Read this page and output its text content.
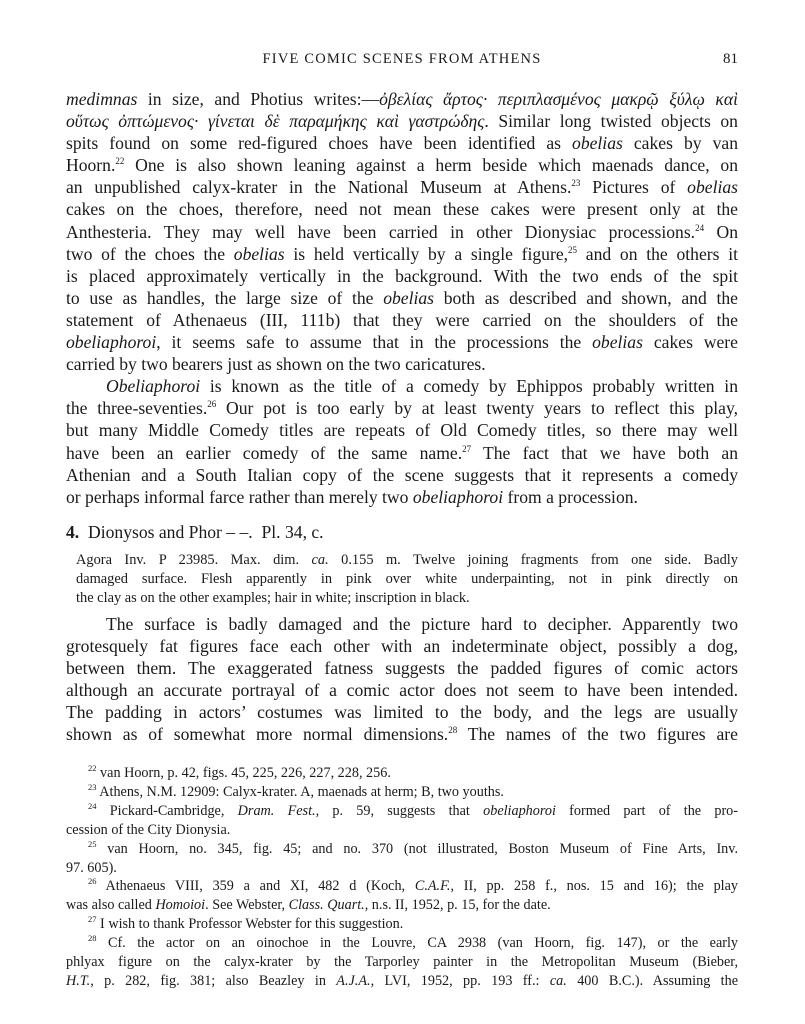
FIVE COMIC SCENES FROM ATHENS	81

medimnas in size, and Photius writes:—ὀβελίας ἄρτος· περιπλασμένος μακρῷ ξύλῳ καὶ
οὕτως ὀπτώμενος· γίνεται δὲ παραμήκης καὶ γαστρώδης. Similar long twisted objects on
spits found on some red-figured choes have been identified as obelias cakes by van
Hoorn.$^{22}$ One is also shown leaning against a herm beside which maenads dance, on
an unpublished calyx-krater in the National Museum at Athens.$^{23}$ Pictures of obelias
cakes on the choes, therefore, need not mean these cakes were present only at the
Anthesteria. They may well have been carried in other Dionysiac processions.$^{24}$ On
two of the choes the obelias is held vertically by a single figure,$^{25}$ and on the others it
is placed approximately vertically in the background. With the two ends of the spit
to use as handles, the large size of the obelias both as described and shown, and the
statement of Athenaeus (III, 111b) that they were carried on the shoulders of the
obeliaphoroi, it seems safe to assume that in the processions the obelias cakes were
carried by two bearers just as shown on the two caricatures.

Obeliaphoroi is known as the title of a comedy by Ephippos probably written in
the three-seventies.$^{26}$ Our pot is too early by at least twenty years to reflect this play,
but many Middle Comedy titles are repeats of Old Comedy titles, so there may well
have been an earlier comedy of the same name.$^{27}$ The fact that we have both an
Athenian and a South Italian copy of the scene suggests that it represents a comedy
or perhaps informal farce rather than merely two obeliaphoroi from a procession.

4. Dionysos and Phor – –. Pl. 34, c.
Agora Inv. P 23985. Max. dim. ca. 0.155 m. Twelve joining fragments from one side. Badly
damaged surface. Flesh apparently in pink over white underpainting, not in pink directly on
the clay as on the other examples; hair in white; inscription in black.
The surface is badly damaged and the picture hard to decipher. Apparently two
grotesquely fat figures face each other with an indeterminate object, possibly a dog,
between them. The exaggerated fatness suggests the padded figures of comic actors
although an accurate portrayal of a comic actor does not seem to have been intended.
The padding in actors’ costumes was limited to the body, and the legs are usually
shown as of somewhat more normal dimensions.$^{28}$ The names of the two figures are
$^{22}$ van Hoorn, p. 42, figs. 45, 225, 226, 227, 228, 256.
$^{23}$ Athens, N.M. 12909: Calyx-krater. A, maenads at herm; B, two youths.
$^{24}$ Pickard-Cambridge, Dram. Fest., p. 59, suggests that obeliaphoroi formed part of the pro-
cession of the City Dionysia.
$^{25}$ van Hoorn, no. 345, fig. 45; and no. 370 (not illustrated, Boston Museum of Fine Arts, Inv.
97. 605).
$^{26}$ Athenaeus VIII, 359 a and XI, 482 d (Koch, C.A.F., II, pp. 258 f., nos. 15 and 16); the play
was also called Homoioi. See Webster, Class. Quart., n.s. II, 1952, p. 15, for the date.
$^{27}$ I wish to thank Professor Webster for this suggestion.
$^{28}$ Cf. the actor on an oinochoe in the Louvre, CA 2938 (van Hoorn, fig. 147), or the early
phlyax figure on the calyx-krater by the Tarporley painter in the Metropolitan Museum (Bieber,
H.T., p. 282, fig. 381; also Beazley in A.J.A., LVI, 1952, pp. 193 ff.: ca. 400 B.C.). Assuming the
